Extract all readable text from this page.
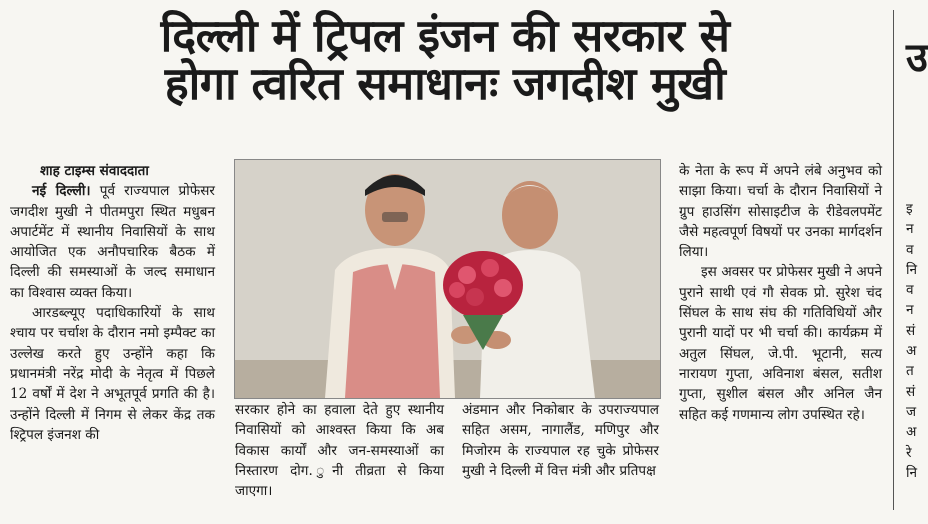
दिल्ली में ट्रिपल इंजन की सरकार से
होगा त्वरित समाधानः जगदीश मुखी

शाह टाइम्स संवाददाता

नई दिल्ली। पूर्व राज्यपाल प्रोफेसर जगदीश मुखी ने पीतमपुरा स्थित मधुबन अपार्टमेंट में स्थानीय निवासियों के साथ आयोजित एक अनौपचारिक बैठक में दिल्ली की समस्याओं के जल्द समाधान का विश्वास व्यक्त किया।

आरडब्ल्यूए पदाधिकारियों के साथ श्चाय पर चर्चाश के दौरान नमो इम्पैक्ट का उल्लेख करते हुए उन्होंने कहा कि प्रधानमंत्री नरेंद्र मोदी के नेतृत्व में पिछले 12 वर्षों में देश ने अभूतपूर्व प्रगति की है। उन्होंने दिल्ली में निगम से लेकर केंद्र तक श्ट्रिपल इंजनश की

सरकार होने का हवाला देते हुए स्थानीय निवासियों को आश्वस्त किया कि अब विकास कार्यों और जन-समस्याओं का निस्तारण दोग. ुनी तीव्रता से किया जाएगा।

अंडमान और निकोबार के उपराज्यपाल सहित असम, नागालैंड, मणिपुर और मिजोरम के राज्यपाल रह चुके प्रोफेसर मुखी ने दिल्ली में वित्त मंत्री और प्रतिपक्ष

के नेता के रूप में अपने लंबे अनुभव को साझा किया। चर्चा के दौरान निवासियों ने ग्रुप हाउसिंग सोसाइटीज के रीडेवलपमेंट जैसे महत्वपूर्ण विषयों पर उनका मार्गदर्शन लिया।

इस अवसर पर प्रोफेसर मुखी ने अपने पुराने साथी एवं गौ सेवक प्रो. सुरेश चंद सिंघल के साथ संघ की गतिविधियों और पुरानी यादों पर भी चर्चा की। कार्यक्रम में अतुल सिंघल, जे.पी. भूटानी, सत्य नारायण गुप्ता, अविनाश बंसल, सतीश गुप्ता, सुशील बंसल और अनिल जैन सहित कई गणमान्य लोग उपस्थित रहे।

उ
इ
न
व
नि
व
न
सं
अ
त
सं
ज
अ
रे
नि
